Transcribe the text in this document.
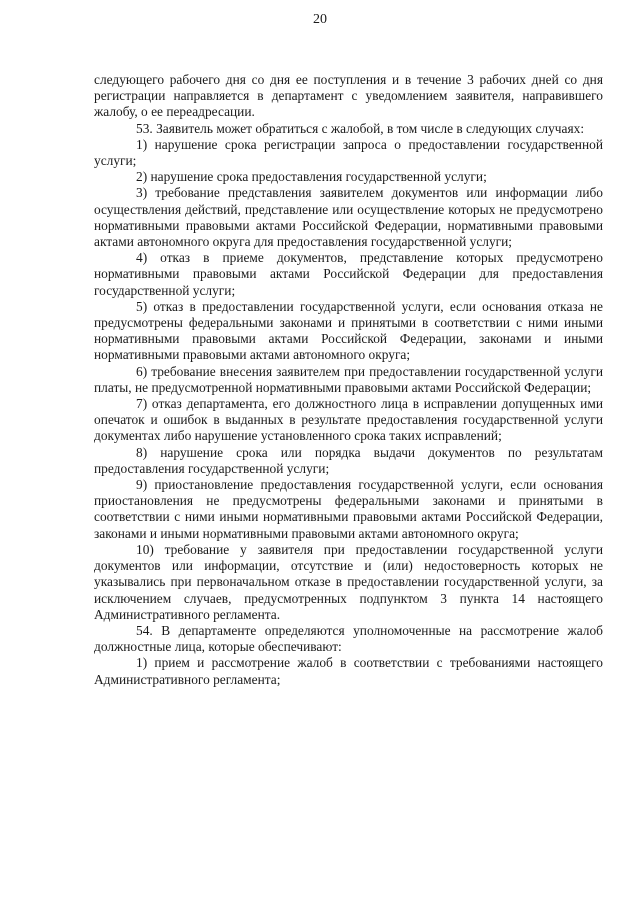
20

следующего рабочего дня со дня ее поступления и в течение 3 рабочих дней со дня регистрации направляется в департамент с уведомлением заявителя, направившего жалобу, о ее переадресации.

53. Заявитель может обратиться с жалобой, в том числе в следующих случаях:

1) нарушение срока регистрации запроса о предоставлении государственной услуги;

2) нарушение срока предоставления государственной услуги;

3) требование представления заявителем документов или информации либо осуществления действий, представление или осуществление которых не предусмотрено нормативными правовыми актами Российской Федерации, нормативными правовыми актами автономного округа для предоставления государственной услуги;

4) отказ в приеме документов, представление которых предусмотрено нормативными правовыми актами Российской Федерации для предоставления государственной услуги;

5) отказ в предоставлении государственной услуги, если основания отказа не предусмотрены федеральными законами и принятыми в соответствии с ними иными нормативными правовыми актами Российской Федерации, законами и иными нормативными правовыми актами автономного округа;

6) требование внесения заявителем при предоставлении государственной услуги платы, не предусмотренной нормативными правовыми актами Российской Федерации;

7) отказ департамента, его должностного лица в исправлении допущенных ими опечаток и ошибок в выданных в результате предоставления государственной услуги документах либо нарушение установленного срока таких исправлений;

8) нарушение срока или порядка выдачи документов по результатам предоставления государственной услуги;

9) приостановление предоставления государственной услуги, если основания приостановления не предусмотрены федеральными законами и принятыми в соответствии с ними иными нормативными правовыми актами Российской Федерации, законами и иными нормативными правовыми актами автономного округа;

10) требование у заявителя при предоставлении государственной услуги документов или информации, отсутствие и (или) недостоверность которых не указывались при первоначальном отказе в предоставлении государственной услуги, за исключением случаев, предусмотренных подпунктом 3 пункта 14 настоящего Административного регламента.

54. В департаменте определяются уполномоченные на рассмотрение жалоб должностные лица, которые обеспечивают:

1) прием и рассмотрение жалоб в соответствии с требованиями настоящего Административного регламента;
